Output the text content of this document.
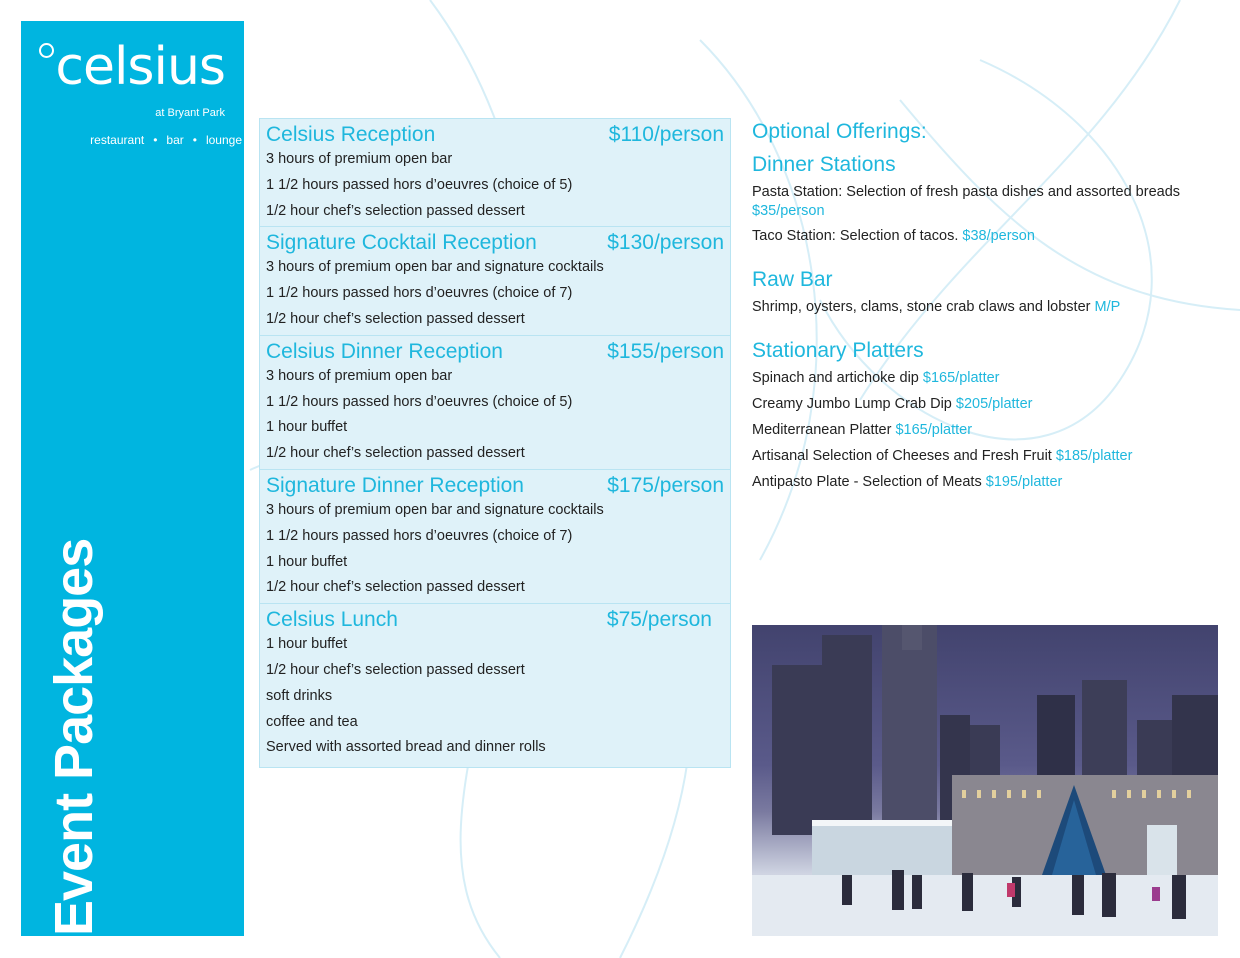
celsius
at Bryant Park
restaurant • bar • lounge
Event Packages
Celsius Reception	$110/person
3 hours of premium open bar
1 1/2 hours passed hors d’oeuvres (choice of 5)
1/2 hour chef’s selection passed dessert
Signature Cocktail Reception	$130/person
3 hours of premium open bar and signature cocktails
1 1/2 hours passed hors d’oeuvres (choice of 7)
1/2 hour chef’s selection passed dessert
Celsius Dinner Reception	$155/person
3 hours of premium open bar
1 1/2 hours passed hors d’oeuvres (choice of 5)
1 hour buffet
1/2 hour chef’s selection passed dessert
Signature Dinner Reception	$175/person
3 hours of premium open bar and signature cocktails
1 1/2 hours passed hors d’oeuvres (choice of 7)
1 hour buffet
1/2 hour chef’s selection passed dessert
Celsius Lunch	$75/person
1 hour buffet
1/2 hour chef’s selection passed dessert
soft drinks
coffee and tea
Served with assorted bread and dinner rolls
Optional Offerings:
Dinner Stations

Pasta Station: Selection of fresh pasta dishes and assorted breads
$35/person

Taco Station: Selection of tacos. $38/person

Raw Bar

Shrimp, oysters, clams, stone crab claws and lobster M/P

Stationary Platters

Spinach and artichoke dip $165/platter

Creamy Jumbo Lump Crab Dip $205/platter

Mediterranean Platter $165/platter

Artisanal Selection of Cheeses and Fresh Fruit $185/platter

Antipasto Plate - Selection of Meats $195/platter
